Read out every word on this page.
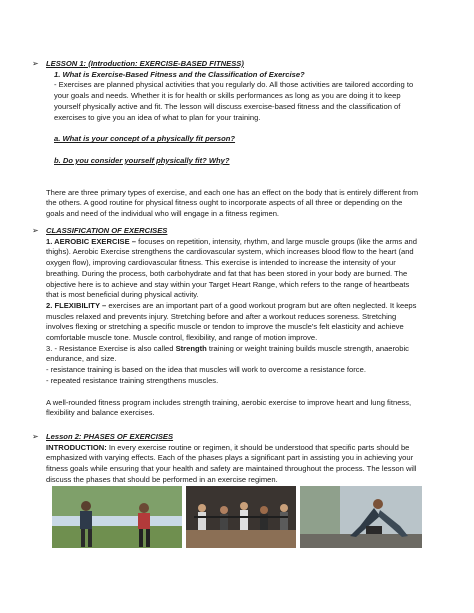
➢ LESSON 1: (Introduction: EXERCISE-BASED FITNESS)

1. What is Exercise-Based Fitness and the Classification of Exercise?

- Exercises are planned physical activities that you regularly do. All those activities are tailored according to your goals and needs. Whether it is for health or skills performances as long as you are doing it to keep yourself physically active and fit. The lesson will discuss exercise-based fitness and the classification of exercises to give you an idea of what to plan for your training.

a. What is your concept of a physically fit person?

b. Do you consider yourself physically fit? Why?

There are three primary types of exercise, and each one has an effect on the body that is entirely different from the others. A good routine for physical fitness ought to incorporate aspects of all three or depending on the goals and need of the individual who will engage in a fitness regimen.

➢ CLASSIFICATION OF EXERCISES

1. AEROBIC EXERCISE – focuses on repetition, intensity, rhythm, and large muscle groups (like the arms and thighs). Aerobic Exercise strengthens the cardiovascular system, which increases blood flow to the heart (and oxygen flow), improving cardiovascular fitness. This exercise is intended to increase the intensity of your breathing. During the process, both carbohydrate and fat that has been stored in your body are burned. The objective here is to achieve and stay within your Target Heart Range, which refers to the range of heartbeats that is most beneficial during physical activity.

2. FLEXIBILITY – exercises are an important part of a good workout program but are often neglected. It keeps muscles relaxed and prevents injury. Stretching before and after a workout reduces soreness. Stretching involves flexing or stretching a specific muscle or tendon to improve the muscle's felt elasticity and achieve comfortable muscle tone. Muscle control, flexibility, and range of motion improve.

3. - Resistance Exercise is also called Strength training or weight training builds muscle strength, anaerobic endurance, and size.

- resistance training is based on the idea that muscles will work to overcome a resistance force.

- repeated resistance training strengthens muscles.

A well-rounded fitness program includes strength training, aerobic exercise to improve heart and lung fitness, flexibility and balance exercises.

➢ Lesson 2: PHASES OF EXERCISES

INTRODUCTION: In every exercise routine or regimen, it should be understood that specific parts should be emphasized with varying effects. Each of the phases plays a significant part in assisting you in achieving your fitness goals while ensuring that your health and safety are maintained throughout the process. The lesson will discuss the phases that should be performed in an exercise regimen.
